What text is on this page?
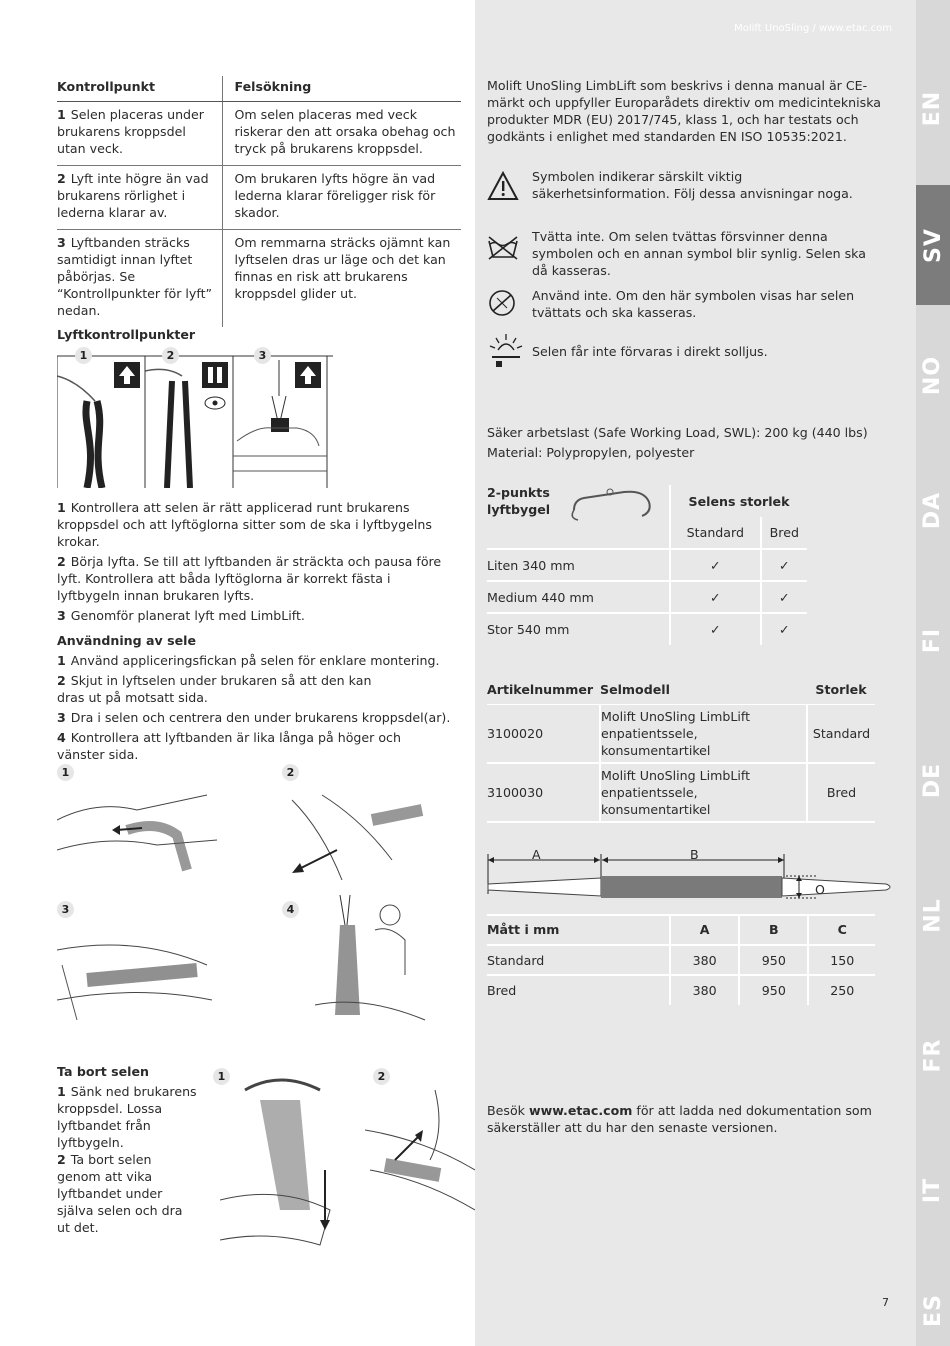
Molift UnoSling / www.etac.com
EN
SV
NO
DA
FI
DE
NL
FR
IT
ES
Kontrollpunkt	Felsökning
1 Selen placeras under brukarens kroppsdel utan veck.	Om selen placeras med veck riskerar den att orsaka obehag och tryck på brukarens kroppsdel.
2 Lyft inte högre än vad brukarens rörlighet i lederna klarar av.	Om brukaren lyfts högre än vad lederna klarar föreligger risk för skador.
3 Lyftbanden sträcks samtidigt innan lyftet påbörjas. Se “Kontrollpunkter för lyft” nedan.	Om remmarna sträcks ojämnt kan lyftselen dras ur läge och det kan finnas en risk att brukarens kroppsdel glider ut.
Lyftkontrollpunkter
1	2	3

1 Kontrollera att selen är rätt applicerad runt brukarens kroppsdel och att lyftöglorna sitter som de ska i lyftbygelns krokar.

2 Börja lyfta. Se till att lyftbanden är sträckta och pausa före lyft. Kontrollera att båda lyftöglorna är korrekt fästa i lyftbygeln innan brukaren lyfts.

3 Genomför planerat lyft med LimbLift.

Användning av sele

1 Använd appliceringsfickan på selen för enklare montering.

2 Skjut in lyftselen under brukaren så att den kan dras ut på motsatt sida.

3 Dra i selen och centrera den under brukarens kroppsdel(ar).

4 Kontrollera att lyftbanden är lika långa på höger och vänster sida.

1	2
3	4
Ta bort selen

1 Sänk ned brukarens kroppsdel. Lossa lyftbandet från lyftbygeln.

2 Ta bort selen genom att vika lyftbandet under själva selen och dra ut det.

1	2
Molift UnoSling LimbLift som beskrivs i denna manual är CE-märkt och uppfyller Europarådets direktiv om medicintekniska produkter MDR (EU) 2017/745, klass 1, och har testats och godkänts i enlighet med standarden EN ISO 10535:2021.
Symbolen indikerar särskilt viktig säkerhetsinformation. Följ dessa anvisningar noga.
Tvätta inte. Om selen tvättas försvinner denna symbolen och en annan symbol blir synlig. Selen ska då kasseras.
Använd inte. Om den här symbolen visas har selen tvättats och ska kasseras.
Selen får inte förvaras i direkt solljus.
Säker arbetslast (Safe Working Load, SWL): 200 kg (440 lbs)
Material: Polypropylen, polyester
2-punkts lyftbygel
	Selens storlek	
	Standard	Bred
Liten 340 mm	✓	✓
Medium 440 mm	✓	✓
Stor 540 mm	✓	✓
Artikelnummer	Selmodell	Storlek
3100020	Molift UnoSling LimbLift enpatientssele, konsumentartikel	Standard
3100030	Molift UnoSling LimbLift enpatientssele, konsumentartikel	Bred
A	B
O
Mått i mm	A	B	C
Standard	380	950	150
Bred	380	950	250
Besök www.etac.com för att ladda ned dokumentation som säkerställer att du har den senaste versionen.
7
